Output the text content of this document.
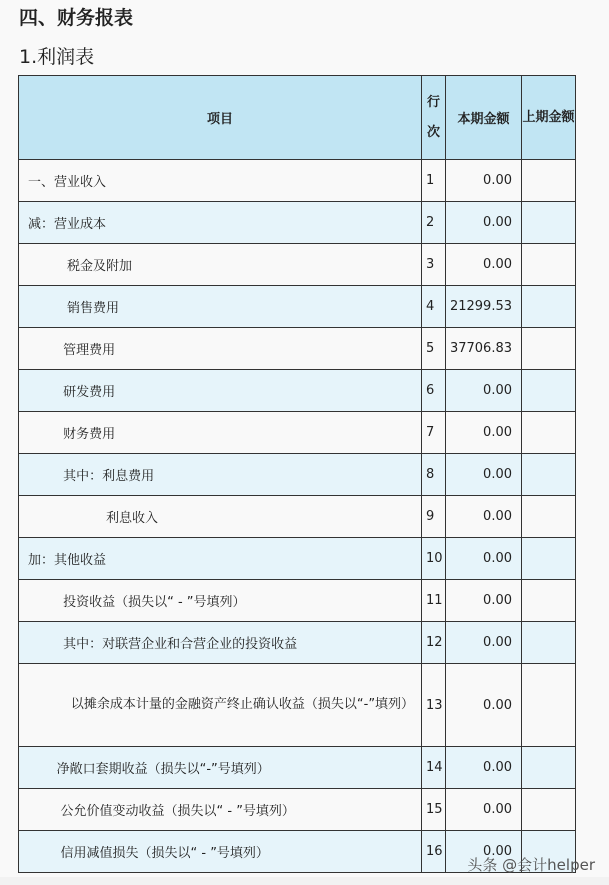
四、财务报表
1.利润表
项目	行次	本期金额	上期金额
一、营业收入	1	0.00	
减：营业成本	2	0.00	
税金及附加	3	0.00	
销售费用	4	21299.53	
管理费用	5	37706.83	
研发费用	6	0.00	
财务费用	7	0.00	
其中：利息费用	8	0.00	
利息收入	9	0.00	
加：其他收益	10	0.00	
投资收益（损失以“ - ”号填列）	11	0.00	
其中：对联营企业和合营企业的投资收益	12	0.00	
以摊余成本计量的金融资产终止确认收益（损失以“-”填列）	13	0.00	
净敞口套期收益（损失以“-”号填列）	14	0.00	
公允价值变动收益（损失以“ - ”号填列）	15	0.00	
信用减值损失（损失以“ - ”号填列）	16	0.00	
头条 @会计helper
